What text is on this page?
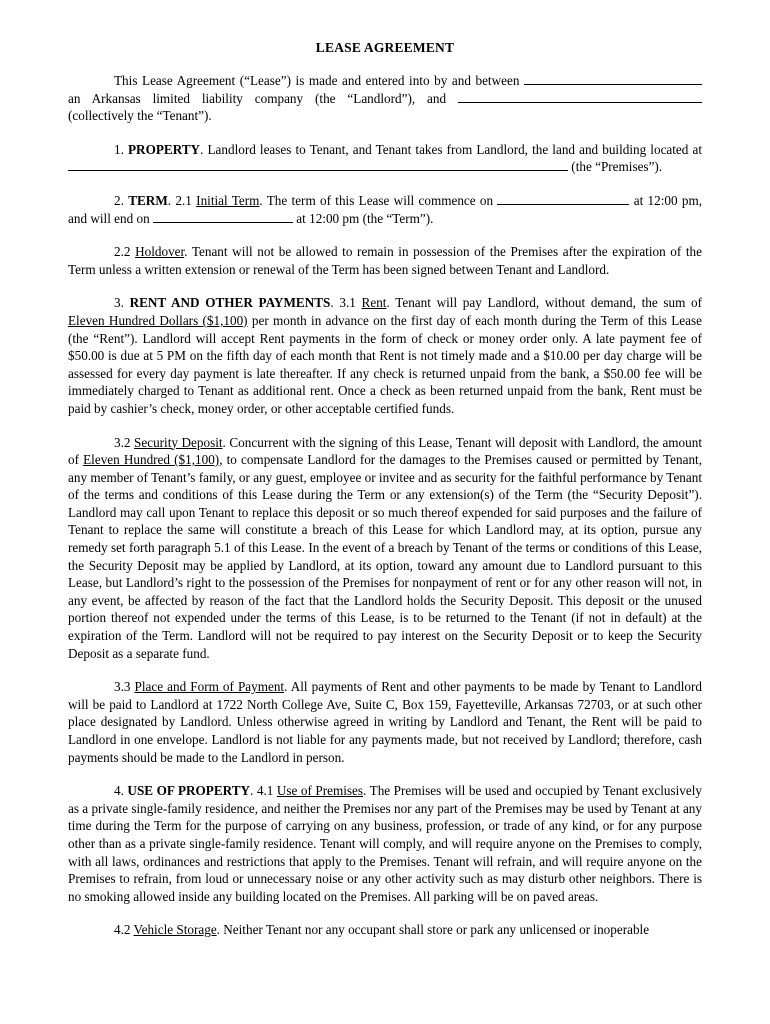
LEASE AGREEMENT

This Lease Agreement (“Lease”) is made and entered into by and between  an Arkansas limited liability company (the “Landlord”), and  (collectively the “Tenant”).

1. PROPERTY. Landlord leases to Tenant, and Tenant takes from Landlord, the land and building located at  (the “Premises”).

2. TERM. 2.1 Initial Term. The term of this Lease will commence on	at 12:00 pm, and will end on	at 12:00 pm (the “Term”).

2.2 Holdover. Tenant will not be allowed to remain in possession of the Premises after the expiration of the Term unless a written extension or renewal of the Term has been signed between Tenant and Landlord.

3. RENT AND OTHER PAYMENTS. 3.1 Rent. Tenant will pay Landlord, without demand, the sum of Eleven Hundred Dollars ($1,100) per month in advance on the first day of each month during the Term of this Lease (the “Rent”). Landlord will accept Rent payments in the form of check or money order only. A late payment fee of $50.00 is due at 5 PM on the fifth day of each month that Rent is not timely made and a $10.00 per day charge will be assessed for every day payment is late thereafter. If any check is returned unpaid from the bank, a $50.00 fee will be immediately charged to Tenant as additional rent. Once a check as been returned unpaid from the bank, Rent must be paid by cashier’s check, money order, or other acceptable certified funds.

3.2 Security Deposit. Concurrent with the signing of this Lease, Tenant will deposit with Landlord, the amount of Eleven Hundred ($1,100), to compensate Landlord for the damages to the Premises caused or permitted by Tenant, any member of Tenant’s family, or any guest, employee or invitee and as security for the faithful performance by Tenant of the terms and conditions of this Lease during the Term or any extension(s) of the Term (the “Security Deposit”). Landlord may call upon Tenant to replace this deposit or so much thereof expended for said purposes and the failure of Tenant to replace the same will constitute a breach of this Lease for which Landlord may, at its option, pursue any remedy set forth paragraph 5.1 of this Lease. In the event of a breach by Tenant of the terms or conditions of this Lease, the Security Deposit may be applied by Landlord, at its option, toward any amount due to Landlord pursuant to this Lease, but Landlord’s right to the possession of the Premises for nonpayment of rent or for any other reason will not, in any event, be affected by reason of the fact that the Landlord holds the Security Deposit. This deposit or the unused portion thereof not expended under the terms of this Lease, is to be returned to the Tenant (if not in default) at the expiration of the Term. Landlord will not be required to pay interest on the Security Deposit or to keep the Security Deposit as a separate fund.

3.3 Place and Form of Payment. All payments of Rent and other payments to be made by Tenant to Landlord will be paid to Landlord at 1722 North College Ave, Suite C, Box 159, Fayetteville, Arkansas 72703, or at such other place designated by Landlord. Unless otherwise agreed in writing by Landlord and Tenant, the Rent will be paid to Landlord in one envelope. Landlord is not liable for any payments made, but not received by Landlord; therefore, cash payments should be made to the Landlord in person.

4. USE OF PROPERTY. 4.1 Use of Premises. The Premises will be used and occupied by Tenant exclusively as a private single-family residence, and neither the Premises nor any part of the Premises may be used by Tenant at any time during the Term for the purpose of carrying on any business, profession, or trade of any kind, or for any purpose other than as a private single-family residence. Tenant will comply, and will require anyone on the Premises to comply, with all laws, ordinances and restrictions that apply to the Premises. Tenant will refrain, and will require anyone on the Premises to refrain, from loud or unnecessary noise or any other activity such as may disturb other neighbors. There is no smoking allowed inside any building located on the Premises. All parking will be on paved areas.

4.2 Vehicle Storage. Neither Tenant nor any occupant shall store or park any unlicensed or inoperable
